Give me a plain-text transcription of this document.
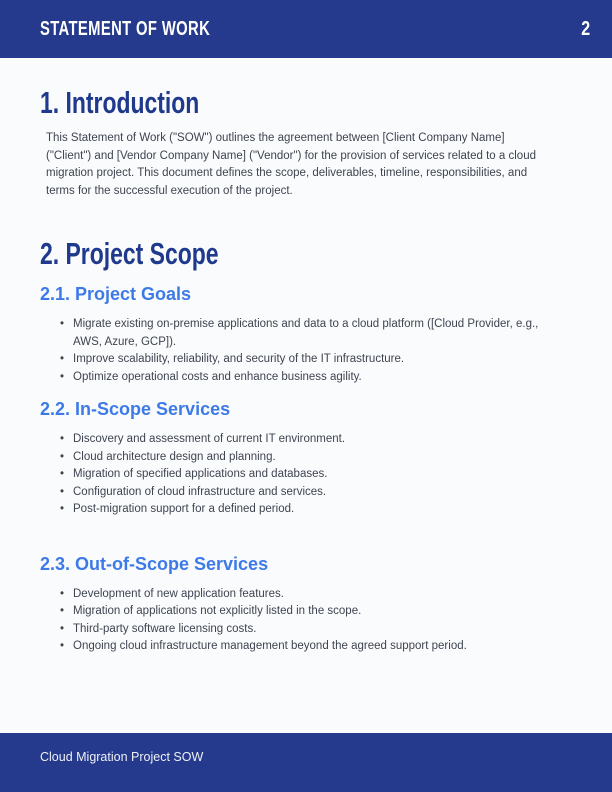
STATEMENT OF WORK	2
1. Introduction

This Statement of Work ("SOW") outlines the agreement between [Client Company Name] ("Client") and [Vendor Company Name] ("Vendor") for the provision of services related to a cloud migration project. This document defines the scope, deliverables, timeline, responsibilities, and terms for the successful execution of the project.

2. Project Scope
2.1. Project Goals
• Migrate existing on-premise applications and data to a cloud platform ([Cloud Provider, e.g., AWS, Azure, GCP]).
• Improve scalability, reliability, and security of the IT infrastructure.
• Optimize operational costs and enhance business agility.
2.2. In-Scope Services
• Discovery and assessment of current IT environment.
• Cloud architecture design and planning.
• Migration of specified applications and databases.
• Configuration of cloud infrastructure and services.
• Post-migration support for a defined period.
2.3. Out-of-Scope Services
• Development of new application features.
• Migration of applications not explicitly listed in the scope.
• Third-party software licensing costs.
• Ongoing cloud infrastructure management beyond the agreed support period.
Cloud Migration Project SOW
